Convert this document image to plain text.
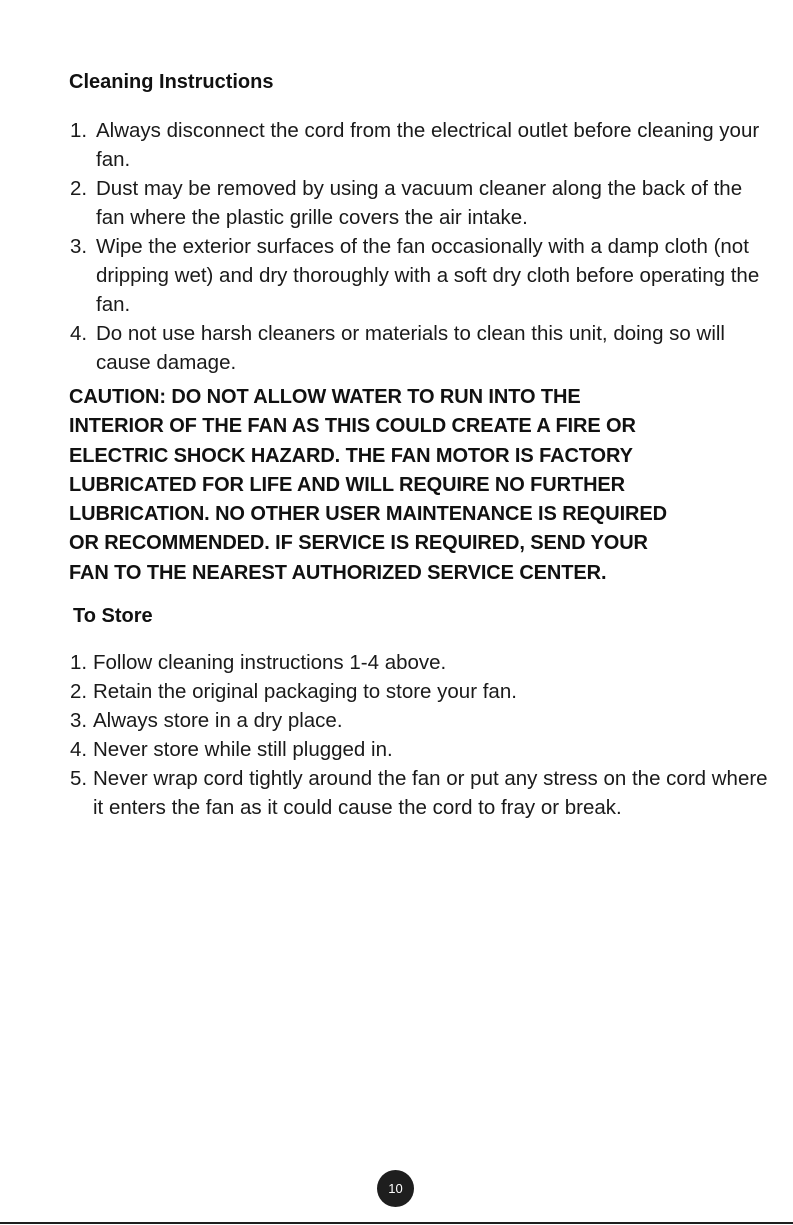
Cleaning Instructions
1. Always disconnect the cord from the electrical outlet before cleaning your fan.
2. Dust may be removed by using a vacuum cleaner along the back of the fan where the plastic grille covers the air intake.
3. Wipe the exterior surfaces of the fan occasionally with a damp cloth (not dripping wet) and dry thoroughly with a soft dry cloth before operating the fan.
4. Do not use harsh cleaners or materials to clean this unit, doing so will cause damage.

CAUTION: DO NOT ALLOW WATER TO RUN INTO THE
INTERIOR OF THE FAN AS THIS COULD CREATE A FIRE OR
ELECTRIC SHOCK HAZARD. THE FAN MOTOR IS FACTORY
LUBRICATED FOR LIFE AND WILL REQUIRE NO FURTHER
LUBRICATION. NO OTHER USER MAINTENANCE IS REQUIRED
OR RECOMMENDED. IF SERVICE IS REQUIRED, SEND YOUR
FAN TO THE NEAREST AUTHORIZED SERVICE CENTER.

To Store
1. Follow cleaning instructions 1-4 above.
2. Retain the original packaging to store your fan.
3. Always store in a dry place.
4. Never store while still plugged in.
5. Never wrap cord tightly around the fan or put any stress on the cord where it enters the fan as it could cause the cord to fray or break.
10
